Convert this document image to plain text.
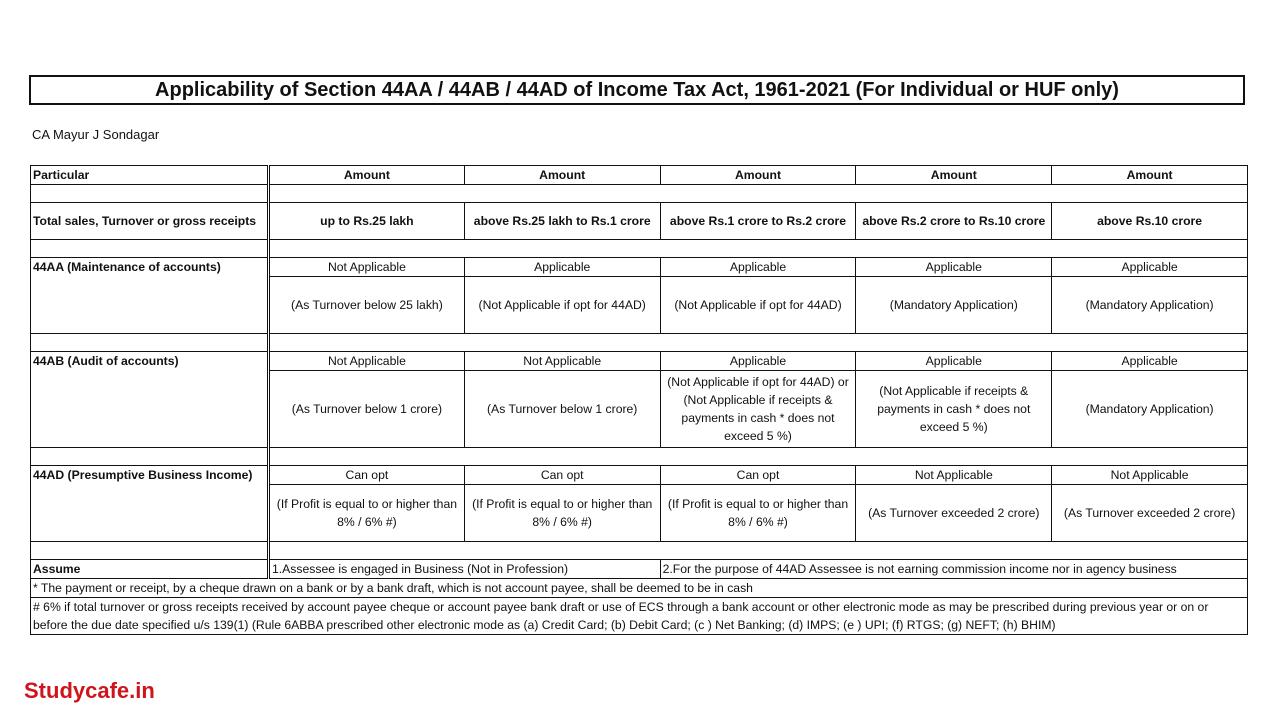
Applicability of Section 44AA / 44AB / 44AD of Income Tax Act, 1961-2021 (For Individual or HUF only)
CA Mayur J Sondagar
Particular	Amount	Amount	Amount	Amount	Amount

Total sales, Turnover or gross receipts	up to Rs.25 lakh	above Rs.25 lakh to Rs.1 crore	above Rs.1 crore to Rs.2 crore	above Rs.2 crore to Rs.10 crore	above Rs.10 crore

44AA (Maintenance of accounts)	Not Applicable	Applicable	Applicable	Applicable	Applicable
	(As Turnover below 25 lakh)	(Not Applicable if opt for 44AD)	(Not Applicable if opt for 44AD)	(Mandatory Application)	(Mandatory Application)

44AB (Audit of accounts)	Not Applicable	Not Applicable	Applicable	Applicable	Applicable
	(As Turnover below 1 crore)	(As Turnover below 1 crore)	(Not Applicable if opt for 44AD) or (Not Applicable if receipts & payments in cash * does not exceed 5 %)	(Not Applicable if receipts & payments in cash * does not exceed 5 %)	(Mandatory Application)

44AD (Presumptive Business Income)	Can opt	Can opt	Can opt	Not Applicable	Not Applicable
	(If Profit is equal to or higher than 8% / 6% #)	(If Profit is equal to or higher than 8% / 6% #)	(If Profit is equal to or higher than 8% / 6% #)	(As Turnover exceeded 2 crore)	(As Turnover exceeded 2 crore)

Assume	1.Assessee is engaged in Business (Not in Profession)		2.For the purpose of 44AD Assessee is not earning commission income nor in agency business		
* The payment or receipt, by a cheque drawn on a bank or by a bank draft, which is not account payee, shall be deemed to be in cash					
# 6% if total turnover or gross receipts received by account payee cheque or account payee bank draft or use of ECS through a bank account or other electronic mode as may be prescribed during previous year or on or before the due date specified u/s 139(1) (Rule 6ABBA prescribed other electronic mode as (a) Credit Card; (b) Debit Card; (c ) Net Banking; (d) IMPS; (e ) UPI; (f) RTGS; (g) NEFT; (h) BHIM)					
Studycafe.in
